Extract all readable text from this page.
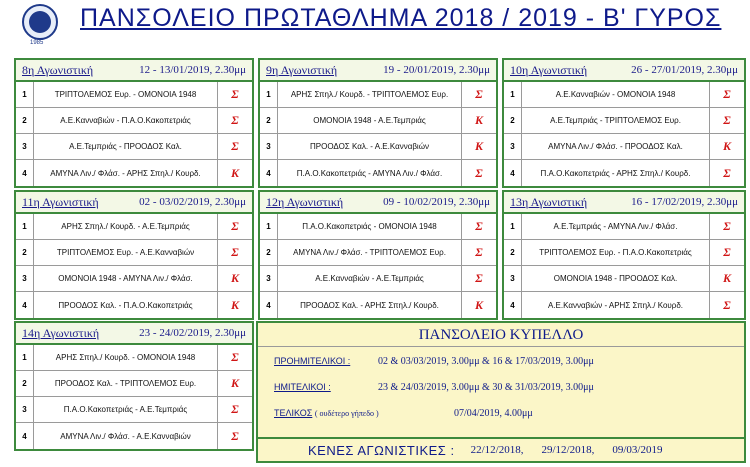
1985
ΠΑΝΣΟΛΕΙΟ ΠΡΩΤΑΘΛΗΜΑ 2018 / 2019 - Β' ΓΥΡΟΣ
8η Αγωνιστική	12 - 13/01/2019, 2.30μμ
1	ΤΡΙΠΤΟΛΕΜΟΣ Ευρ. - ΟΜΟΝΟΙΑ 1948	Σ
2	Α.Ε.Κανναβιών - Π.Α.Ο.Κακοπετριάς	Σ
3	Α.Ε.Τεμπριάς - ΠΡΟΟΔΟΣ Καλ.	Σ
4	ΑΜΥΝΑ Λιν./ Φλάσ. - ΑΡΗΣ Σπηλ./ Κουρδ.	Κ
9η Αγωνιστική	19 - 20/01/2019, 2.30μμ
1	ΑΡΗΣ Σπηλ./ Κουρδ. - ΤΡΙΠΤΟΛΕΜΟΣ Ευρ.	Σ
2	ΟΜΟΝΟΙΑ 1948 - Α.Ε.Τεμπριάς	Κ
3	ΠΡΟΟΔΟΣ Καλ. - Α.Ε.Κανναβιών	Κ
4	Π.Α.Ο.Κακοπετριάς - ΑΜΥΝΑ Λιν./ Φλάσ.	Σ
10η Αγωνιστική	26 - 27/01/2019, 2.30μμ
1	Α.Ε.Κανναβιών - ΟΜΟΝΟΙΑ 1948	Σ
2	Α.Ε.Τεμπριάς - ΤΡΙΠΤΟΛΕΜΟΣ Ευρ.	Σ
3	ΑΜΥΝΑ Λιν./ Φλάσ. - ΠΡΟΟΔΟΣ Καλ.	Κ
4	Π.Α.Ο.Κακοπετριάς - ΑΡΗΣ Σπηλ./ Κουρδ.	Σ
11η Αγωνιστική	02 - 03/02/2019, 2.30μμ
1	ΑΡΗΣ Σπηλ./ Κουρδ. - Α.Ε.Τεμπριάς	Σ
2	ΤΡΙΠΤΟΛΕΜΟΣ Ευρ. - Α.Ε.Κανναβιών	Σ
3	ΟΜΟΝΟΙΑ 1948 - ΑΜΥΝΑ Λιν./ Φλάσ.	Κ
4	ΠΡΟΟΔΟΣ Καλ. - Π.Α.Ο.Κακοπετριάς	Κ
12η Αγωνιστική	09 - 10/02/2019, 2.30μμ
1	Π.Α.Ο.Κακοπετριάς - ΟΜΟΝΟΙΑ 1948	Σ
2	ΑΜΥΝΑ Λιν./ Φλάσ. - ΤΡΙΠΤΟΛΕΜΟΣ Ευρ.	Σ
3	Α.Ε.Κανναβιών - Α.Ε.Τεμπριάς	Σ
4	ΠΡΟΟΔΟΣ Καλ. - ΑΡΗΣ Σπηλ./ Κουρδ.	Κ
13η Αγωνιστική	16 - 17/02/2019, 2.30μμ
1	Α.Ε.Τεμπριάς - ΑΜΥΝΑ Λιν./ Φλάσ.	Σ
2	ΤΡΙΠΤΟΛΕΜΟΣ Ευρ. - Π.Α.Ο.Κακοπετριάς	Σ
3	ΟΜΟΝΟΙΑ 1948 - ΠΡΟΟΔΟΣ Καλ.	Κ
4	Α.Ε.Κανναβιών - ΑΡΗΣ Σπηλ./ Κουρδ.	Σ
14η Αγωνιστική	23 - 24/02/2019, 2.30μμ
1	ΑΡΗΣ Σπηλ./ Κουρδ. - ΟΜΟΝΟΙΑ 1948	Σ
2	ΠΡΟΟΔΟΣ Καλ. - ΤΡΙΠΤΟΛΕΜΟΣ Ευρ.	Κ
3	Π.Α.Ο.Κακοπετριάς - Α.Ε.Τεμπριάς	Σ
4	ΑΜΥΝΑ Λιν./ Φλάσ. - Α.Ε.Κανναβιών	Σ
ΠΑΝΣΟΛΕΙΟ ΚΥΠΕΛΛΟ
ΠΡΟΗΜΙΤΕΛΙΚΟΙ :	02 & 03/03/2019, 3.00μμ & 16 & 17/03/2019, 3.00μμ
ΗΜΙΤΕΛΙΚΟΙ :	23 & 24/03/2019, 3.00μμ & 30 & 31/03/2019, 3.00μμ
ΤΕΛΙΚΟΣ ( ουδέτερο γήπεδο )	07/04/2019, 4.00μμ
ΚΕΝΕΣ ΑΓΩΝΙΣΤΙΚΕΣ : 22/12/2018, 29/12/2018, 09/03/2019
